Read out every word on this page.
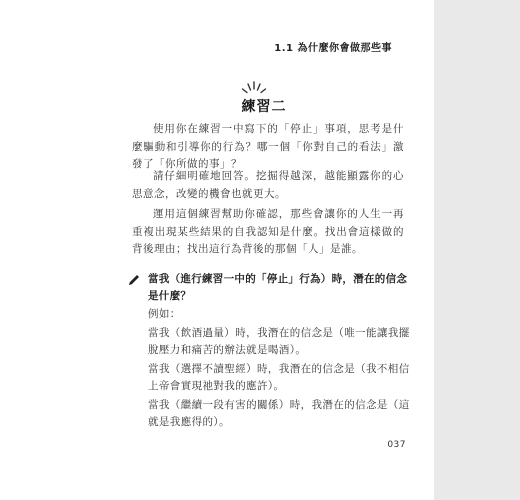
1.1 為什麼你會做那些事
練習二

使用你在練習一中寫下的「停止」事項，思考是什麼驅動和引導你的行為？哪一個「你對自己的看法」激發了「你所做的事」？

請仔細明確地回答。挖掘得越深，越能顯露你的心思意念，改變的機會也就更大。

運用這個練習幫助你確認，那些會讓你的人生一再重複出現某些結果的自我認知是什麼。找出會這樣做的背後理由；找出這行為背後的那個「人」是誰。

當我（進行練習一中的「停止」行為）時，潛在的信念是什麼？

例如：

當我（飲酒過量）時，我潛在的信念是（唯一能讓我擺脫壓力和痛苦的辦法就是喝酒）。

當我（選擇不讀聖經）時，我潛在的信念是（我不相信上帝會實現祂對我的應許）。

當我（繼續一段有害的關係）時，我潛在的信念是（這就是我應得的）。

037
